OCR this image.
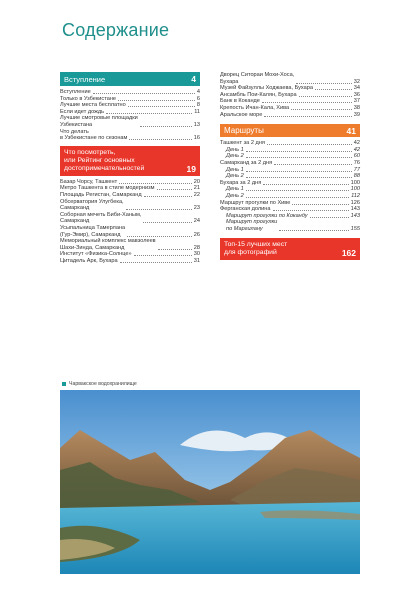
Содержание
Вступление	4
Вступление	4
Только в Узбекистане	6
Лучшие места бесплатно	8
Если идет дождь	11
Лучшие смотровые площадки
Узбекистана	13
Что делать
в Узбекистане по сезонам	16
Что посмотреть,
или Рейтинг основных
достопримечательностей	19
Базар Чорсу, Ташкент	20
Метро Ташкента в стиле модернизм	21
Площадь Регистан, Самарканд	22
Обсерватория Улугбека,
Самарканд	23
Соборная мечеть Биби-Ханым,
Самарканд	24
Усыпальница Тамерлана
(Гур-Эмир), Самарканд	26
Мемориальный комплекс мавзолеев
Шахи-Зинда, Самарканд	28
Институт «Физика-Солнце»	30
Цитадель Арк, Бухара	31
Дворец Ситораи Мохи-Хоса,
Бухара	32
Музей Файзуллы Ходжаева, Бухара	34
Ансамбль Пои-Калян, Бухара	36
Банк в Коканде	37
Крепость Ичан-Кала, Хива	38
Аральское море	39
Маршруты	41
Ташкент за 2 дня	42
День 1	42
День 2	60
Самарканд за 2 дня	76
День 1	77
День 2	88
Бухара за 2 дня	100
День 1	100
День 2	112
Маршрут прогулки по Хиве	126
Ферганская долина	143
Маршрут прогулки по Коканду	143
Маршрут прогулки
по Маргилану	155
Топ-15 лучших мест
для фотографий	162
Чарвакское водохранилище
